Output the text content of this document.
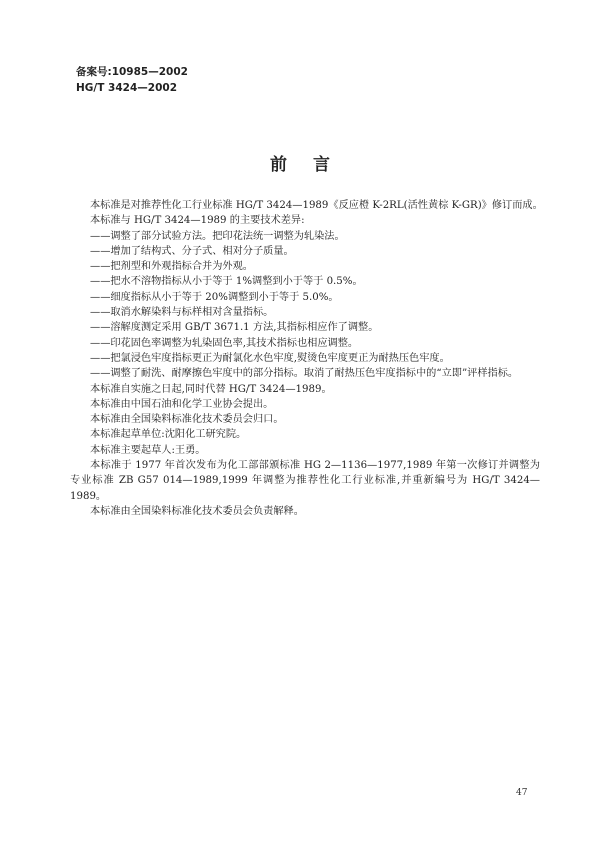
备案号:10985—2002
HG/T 3424—2002
前言

本标准是对推荐性化工行业标准 HG/T 3424—1989《反应橙 K-2RL(活性黄棕 K-GR)》修订而成。

本标准与 HG/T 3424—1989 的主要技术差异:

——调整了部分试验方法。把印花法统一调整为轧染法。

——增加了结构式、分子式、相对分子质量。

——把剂型和外观指标合并为外观。

——把水不溶物指标从小于等于 1%调整到小于等于 0.5%。

——细度指标从小于等于 20%调整到小于等于 5.0%。

——取消水解染料与标样相对含量指标。

——溶解度测定采用 GB/T 3671.1 方法,其指标相应作了调整。

——印花固色率调整为轧染固色率,其技术指标也相应调整。

——把氯浸色牢度指标更正为耐氯化水色牢度,熨烫色牢度更正为耐热压色牢度。

——调整了耐洗、耐摩擦色牢度中的部分指标。取消了耐热压色牢度指标中的“立即”评样指标。

本标准自实施之日起,同时代替 HG/T 3424—1989。

本标准由中国石油和化学工业协会提出。

本标准由全国染料标准化技术委员会归口。

本标准起草单位:沈阳化工研究院。

本标准主要起草人:王勇。

本标准于 1977 年首次发布为化工部部颁标准 HG 2—1136—1977,1989 年第一次修订并调整为专业标准 ZB G57 014—1989,1999 年调整为推荐性化工行业标准,并重新编号为 HG/T 3424—1989。

本标准由全国染料标准化技术委员会负责解释。

47
